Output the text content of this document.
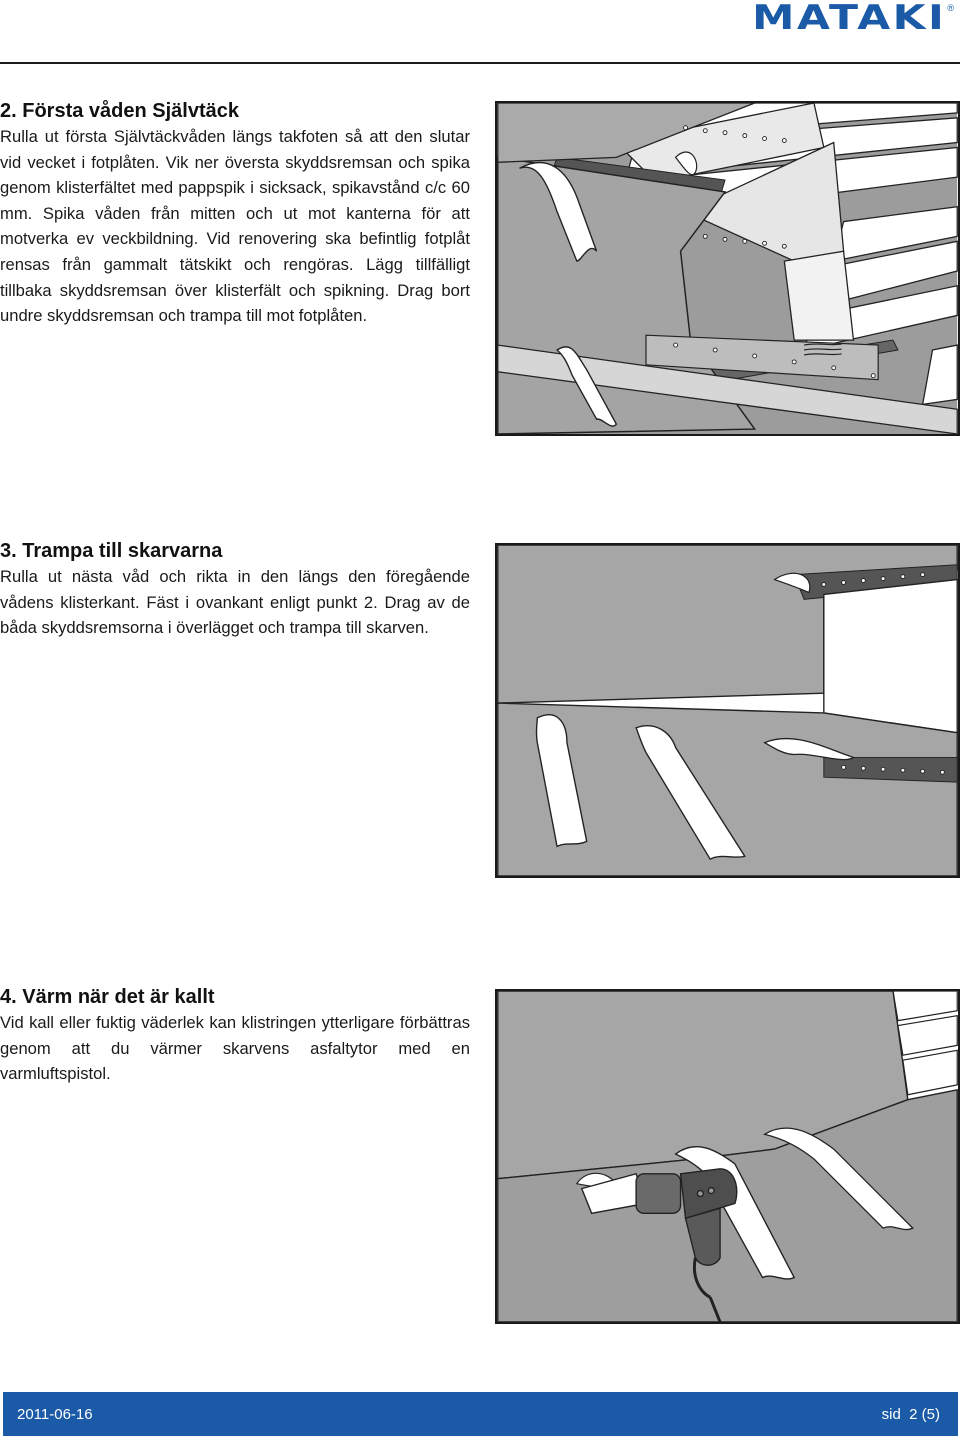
MATAKI ®
2. Första våden Självtäck

Rulla ut första Självtäckvåden längs takfoten så att den slutar vid vecket i fotplåten. Vik ner översta skyddsremsan och spika genom klisterfältet med pappspik i sicksack, spikavstånd c/c 60 mm. Spika våden från mitten och ut mot kanterna för att motverka ev veckbildning. Vid renovering ska befintlig fotplåt rensas från gammalt tätskikt och rengöras. Lägg tillfälligt tillbaka skyddsremsan över klisterfält och spikning. Drag bort undre skyddsremsan och trampa till mot fotplåten.

3. Trampa till skarvarna

Rulla ut nästa våd och rikta in den längs den föregående vådens klisterkant. Fäst i ovankant enligt punkt 2. Drag av de båda skyddsremsorna i överlägget och trampa till skarven.

4. Värm när det är kallt

Vid kall eller fuktig väderlek kan klistringen ytterligare förbättras genom att du värmer skarvens asfaltytor med en varmluftspistol.

2011-06-16	sid 2 (5)
